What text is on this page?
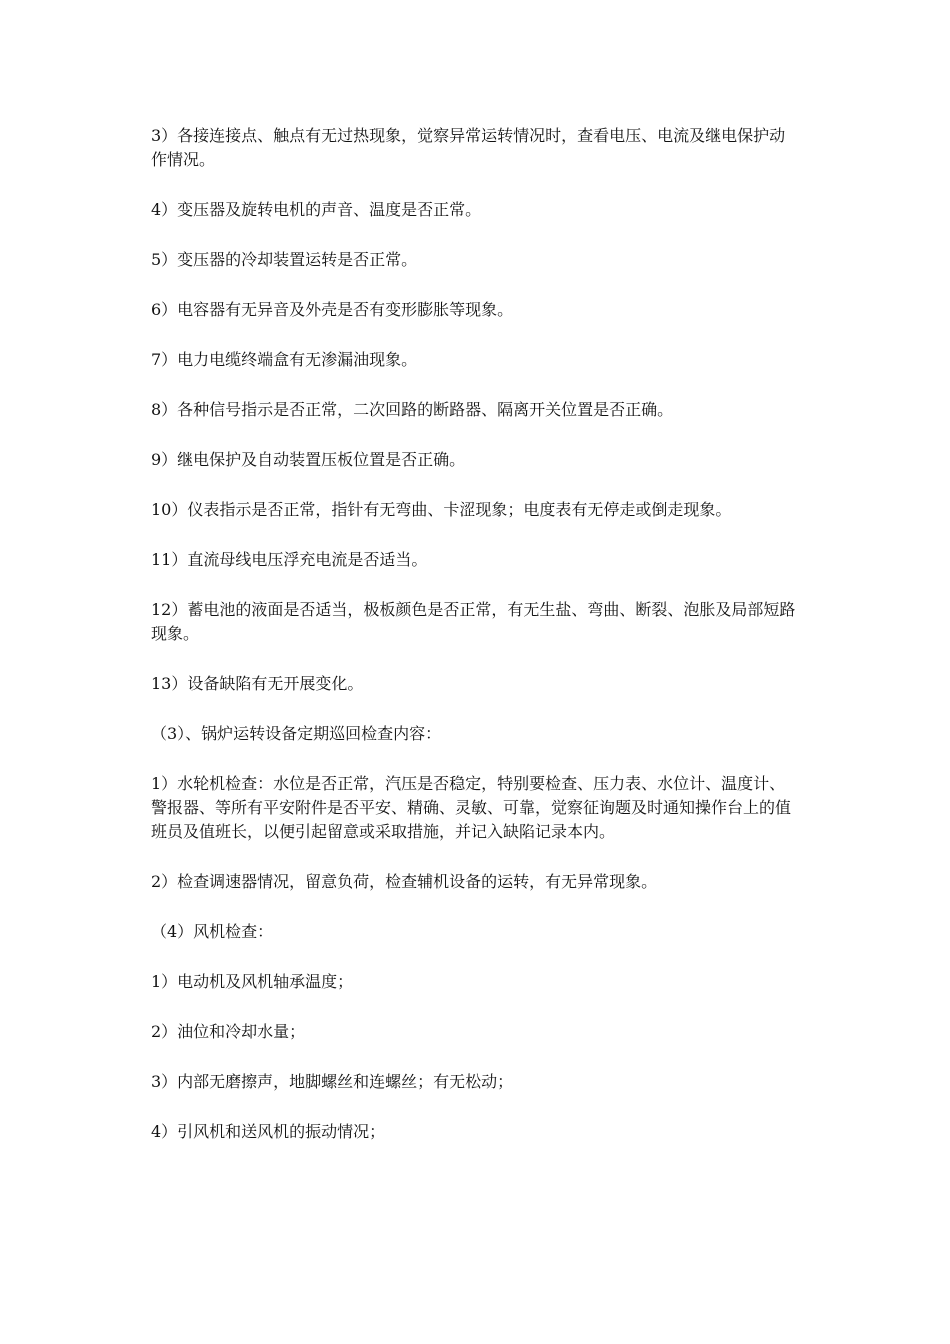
3）各接连接点、触点有无过热现象，觉察异常运转情况时，查看电压、电流及继电保护动作情况。

4）变压器及旋转电机的声音、温度是否正常。

5）变压器的冷却装置运转是否正常。

6）电容器有无异音及外壳是否有变形膨胀等现象。

7）电力电缆终端盒有无渗漏油现象。

8）各种信号指示是否正常，二次回路的断路器、隔离开关位置是否正确。

9）继电保护及自动装置压板位置是否正确。

10）仪表指示是否正常，指针有无弯曲、卡涩现象；电度表有无停走或倒走现象。

11）直流母线电压浮充电流是否适当。

12）蓄电池的液面是否适当，极板颜色是否正常，有无生盐、弯曲、断裂、泡胀及局部短路现象。

13）设备缺陷有无开展变化。

（3）、锅炉运转设备定期巡回检查内容：

1）水轮机检查：水位是否正常，汽压是否稳定，特别要检查、压力表、水位计、温度计、警报器、等所有平安附件是否平安、精确、灵敏、可靠，觉察征询题及时通知操作台上的值班员及值班长，以便引起留意或采取措施，并记入缺陷记录本内。

2）检查调速器情况，留意负荷，检查辅机设备的运转，有无异常现象。

（4）风机检查：

1）电动机及风机轴承温度；

2）油位和冷却水量；

3）内部无磨擦声，地脚螺丝和连螺丝；有无松动；

4）引风机和送风机的振动情况；
